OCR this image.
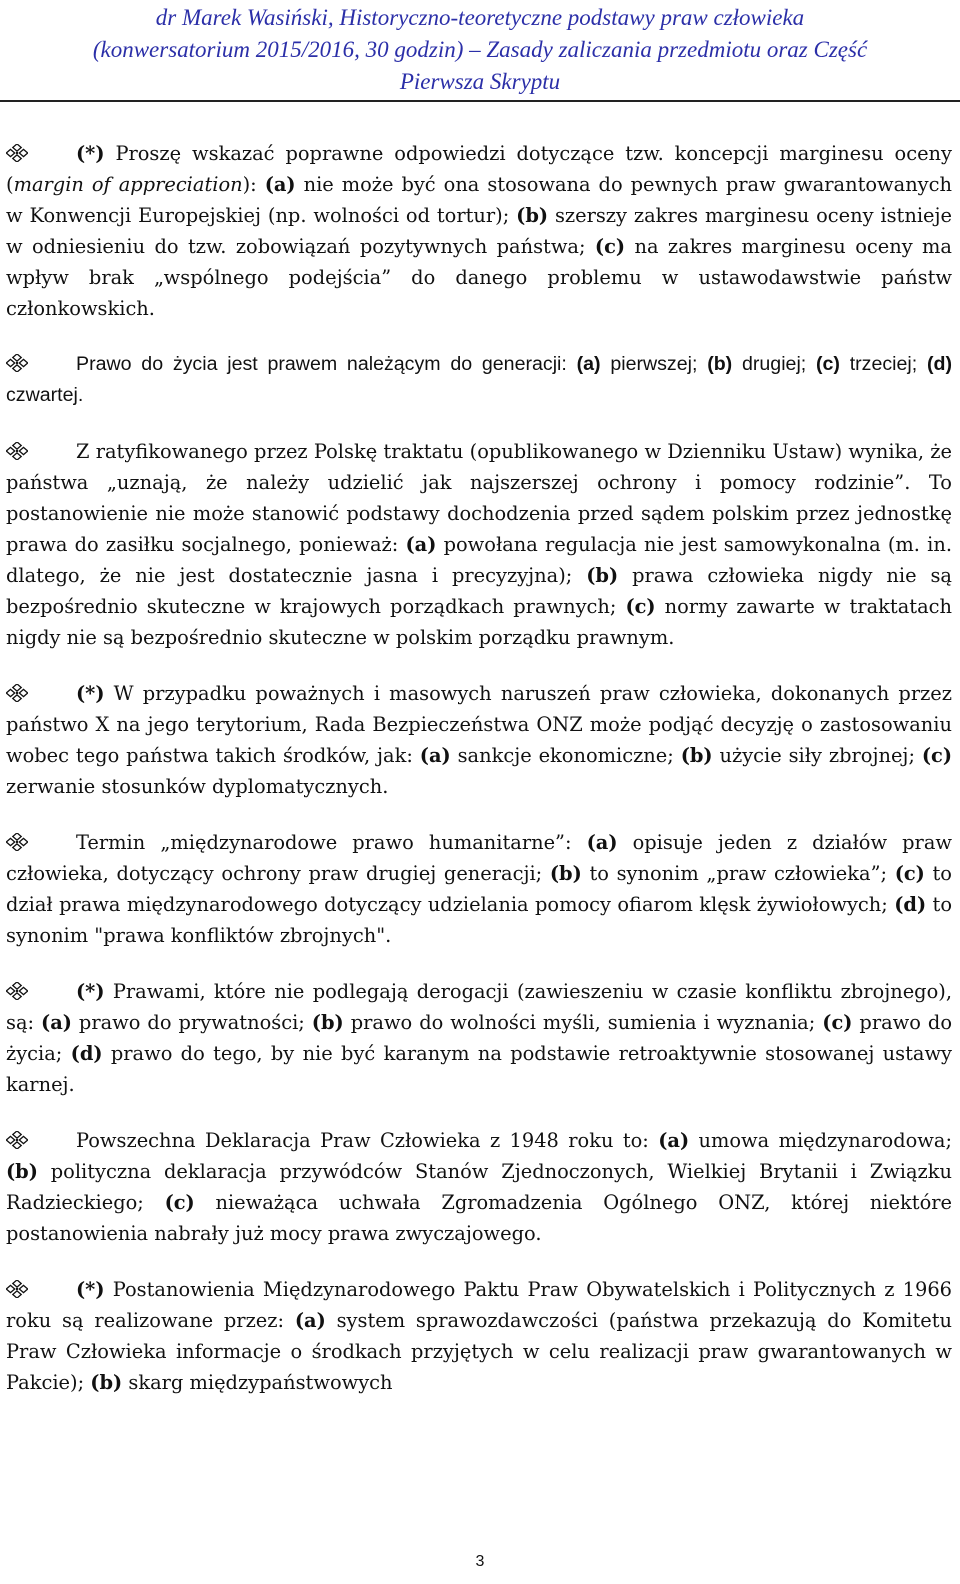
dr Marek Wasiński, Historyczno-teoretyczne podstawy praw człowieka
(konwersatorium 2015/2016, 30 godzin) – Zasady zaliczania przedmiotu oraz Część
Pierwsza Skryptu

(*) Proszę wskazać poprawne odpowiedzi dotyczące tzw. koncepcji marginesu oceny (margin of appreciation): (a) nie może być ona stosowana do pewnych praw gwarantowanych w Konwencji Europejskiej (np. wolności od tortur); (b) szerszy zakres marginesu oceny istnieje w odniesieniu do tzw. zobowiązań pozytywnych państwa; (c) na zakres marginesu oceny ma wpływ brak „wspólnego podejścia” do danego problemu w ustawodawstwie państw członkowskich.

Prawo do życia jest prawem należącym do generacji: (a) pierwszej; (b) drugiej; (c) trzeciej; (d) czwartej.

Z ratyfikowanego przez Polskę traktatu (opublikowanego w Dzienniku Ustaw) wynika, że państwa „uznają, że należy udzielić jak najszerszej ochrony i pomocy rodzinie”. To postanowienie nie może stanowić podstawy dochodzenia przed sądem polskim przez jednostkę prawa do zasiłku socjalnego, ponieważ: (a) powołana regulacja nie jest samowykonalna (m. in. dlatego, że nie jest dostatecznie jasna i precyzyjna); (b) prawa człowieka nigdy nie są bezpośrednio skuteczne w krajowych porządkach prawnych; (c) normy zawarte w traktatach nigdy nie są bezpośrednio skuteczne w polskim porządku prawnym.

(*) W przypadku poważnych i masowych naruszeń praw człowieka, dokonanych przez państwo X na jego terytorium, Rada Bezpieczeństwa ONZ może podjąć decyzję o zastosowaniu wobec tego państwa takich środków, jak: (a) sankcje ekonomiczne; (b) użycie siły zbrojnej; (c) zerwanie stosunków dyplomatycznych.

Termin „międzynarodowe prawo humanitarne”: (a) opisuje jeden z działów praw człowieka, dotyczący ochrony praw drugiej generacji; (b) to synonim „praw człowieka”; (c) to dział prawa międzynarodowego dotyczący udzielania pomocy ofiarom klęsk żywiołowych; (d) to synonim "prawa konfliktów zbrojnych".

(*) Prawami, które nie podlegają derogacji (zawieszeniu w czasie konfliktu zbrojnego), są: (a) prawo do prywatności; (b) prawo do wolności myśli, sumienia i wyznania; (c) prawo do życia; (d) prawo do tego, by nie być karanym na podstawie retroaktywnie stosowanej ustawy karnej.

Powszechna Deklaracja Praw Człowieka z 1948 roku to: (a) umowa międzynarodowa; (b) polityczna deklaracja przywódców Stanów Zjednoczonych, Wielkiej Brytanii i Związku Radzieckiego; (c) nieważąca uchwała Zgromadzenia Ogólnego ONZ, której niektóre postanowienia nabrały już mocy prawa zwyczajowego.

(*) Postanowienia Międzynarodowego Paktu Praw Obywatelskich i Politycznych z 1966 roku są realizowane przez: (a) system sprawozdawczości (państwa przekazują do Komitetu Praw Człowieka informacje o środkach przyjętych w celu realizacji praw gwarantowanych w Pakcie); (b) skarg międzypaństwowych

3
